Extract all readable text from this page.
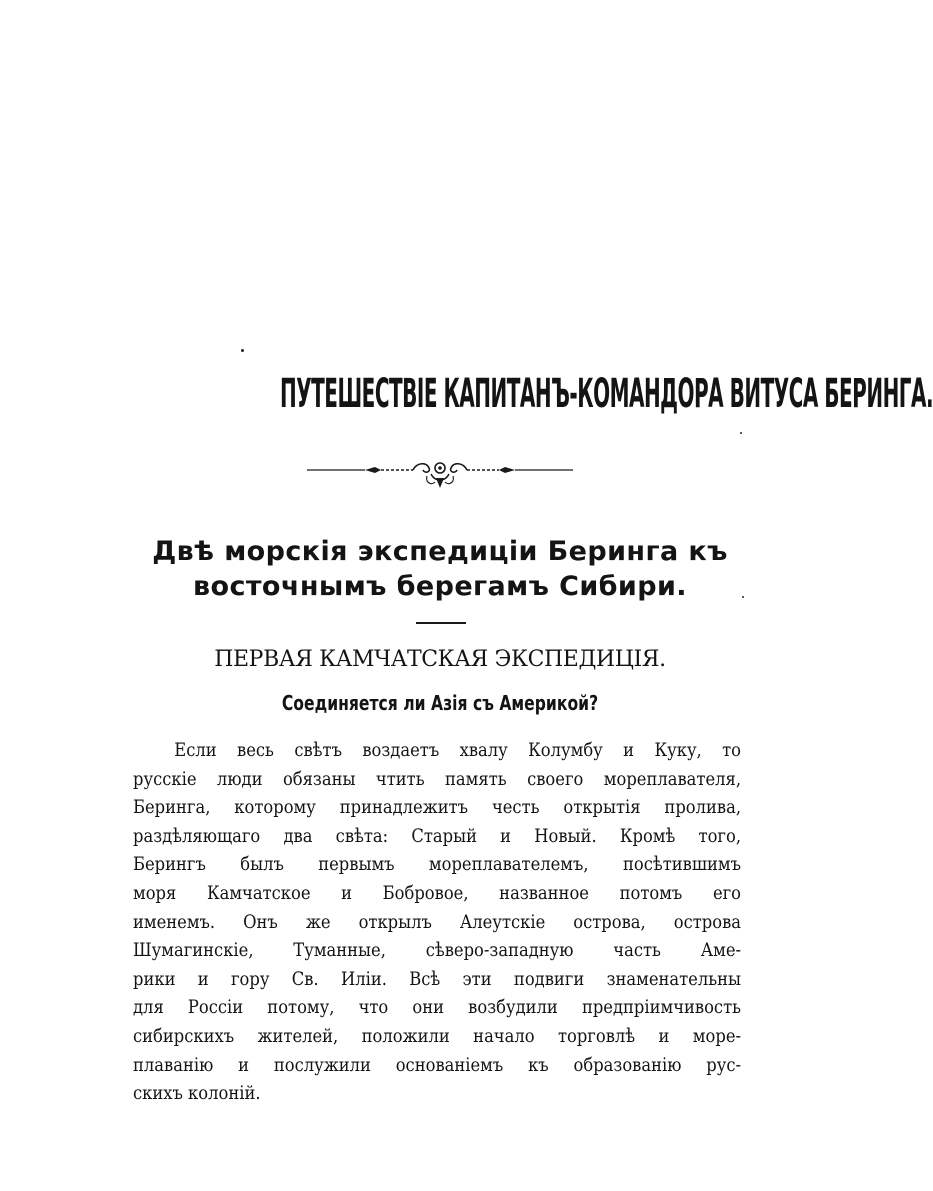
ПУТЕШЕСТВІЕ КАПИТАНЪ-КОМАНДОРА ВИТУСА БЕРИНГА.
Двѣ морскія экспедиціи Беринга къ
восточнымъ берегамъ Сибири.
ПЕРВАЯ КАМЧАТСКАЯ ЭКСПЕДИЦІЯ.
Соединяется ли Азія съ Америкой?
Если весь свѣтъ воздаетъ хвалу Колумбу и Куку, то
русскіе люди обязаны чтить память своего мореплавателя,
Беринга, которому принадлежитъ честь открытія пролива,
раздѣляющаго два свѣта: Старый и Новый. Кромѣ того,
Берингъ былъ первымъ мореплавателемъ, посѣтившимъ
моря Камчатское и Бобровое, названное потомъ его
именемъ. Онъ же открылъ Алеутскіе острова, острова
Шумагинскіе, Туманные, сѣверо-западную часть Аме-
рики и гору Св. Иліи. Всѣ эти подвиги знаменательны
для Россіи потому, что они возбудили предпріимчивость
сибирскихъ жителей, положили начало торговлѣ и море-
плаванію и послужили основаніемъ къ образованію рус-
скихъ колоній.
